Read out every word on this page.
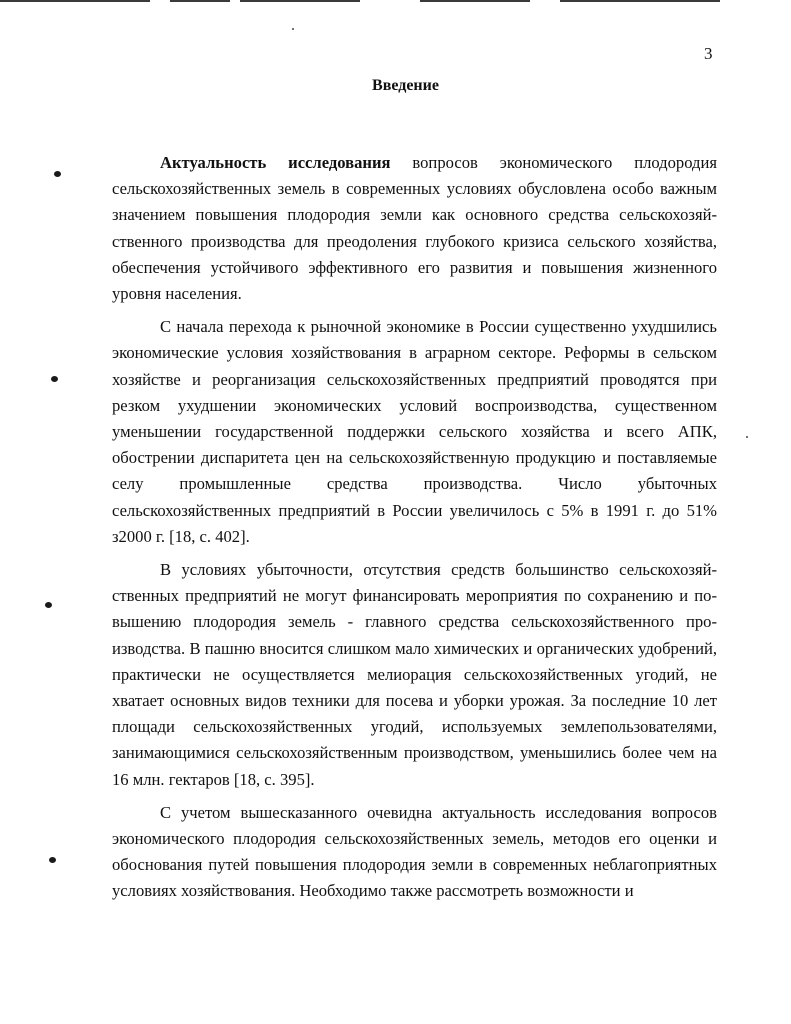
3
Введение

Актуальность исследования вопросов экономического плодородия сельскохозяйственных земель в современных условиях обусловлена особо важным значением повышения плодородия земли как основного средства сельскохозяйственного производства для преодоления глубокого кризиса сельского хозяйства, обеспечения устойчивого эффективного его развития и повышения жизненного уровня населения.

С начала перехода к рыночной экономике в России существенно ухудшились экономические условия хозяйствования в аграрном секторе. Реформы в сельском хозяйстве и реорганизация сельскохозяйственных предприятий проводятся при резком ухудшении экономических условий воспроизводства, существенном уменьшении государственной поддержки сельского хозяйства и всего АПК, обострении диспаритета цен на сельскохозяйственную продукцию и поставляемые селу промышленные средства производства. Число убыточных сельскохозяйственных предприятий в России увеличилось с 5% в 1991 г. до 51% з2000 г. [18, с. 402].

В условиях убыточности, отсутствия средств большинство сельскохозяйственных предприятий не могут финансировать мероприятия по сохранению и повышению плодородия земель - главного средства сельскохозяйственного производства. В пашню вносится слишком мало химических и органических удобрений, практически не осуществляется мелиорация сельскохозяйственных угодий, не хватает основных видов техники для посева и уборки урожая. За последние 10 лет площади сельскохозяйственных угодий, используемых землепользователями, занимающимися сельскохозяйственным производством, уменьшились более чем на 16 млн. гектаров [18, с. 395].

С учетом вышесказанного очевидна актуальность исследования вопросов экономического плодородия сельскохозяйственных земель, методов его оценки и обоснования путей повышения плодородия земли в современных неблагоприятных условиях хозяйствования. Необходимо также рассмотреть возможности и
